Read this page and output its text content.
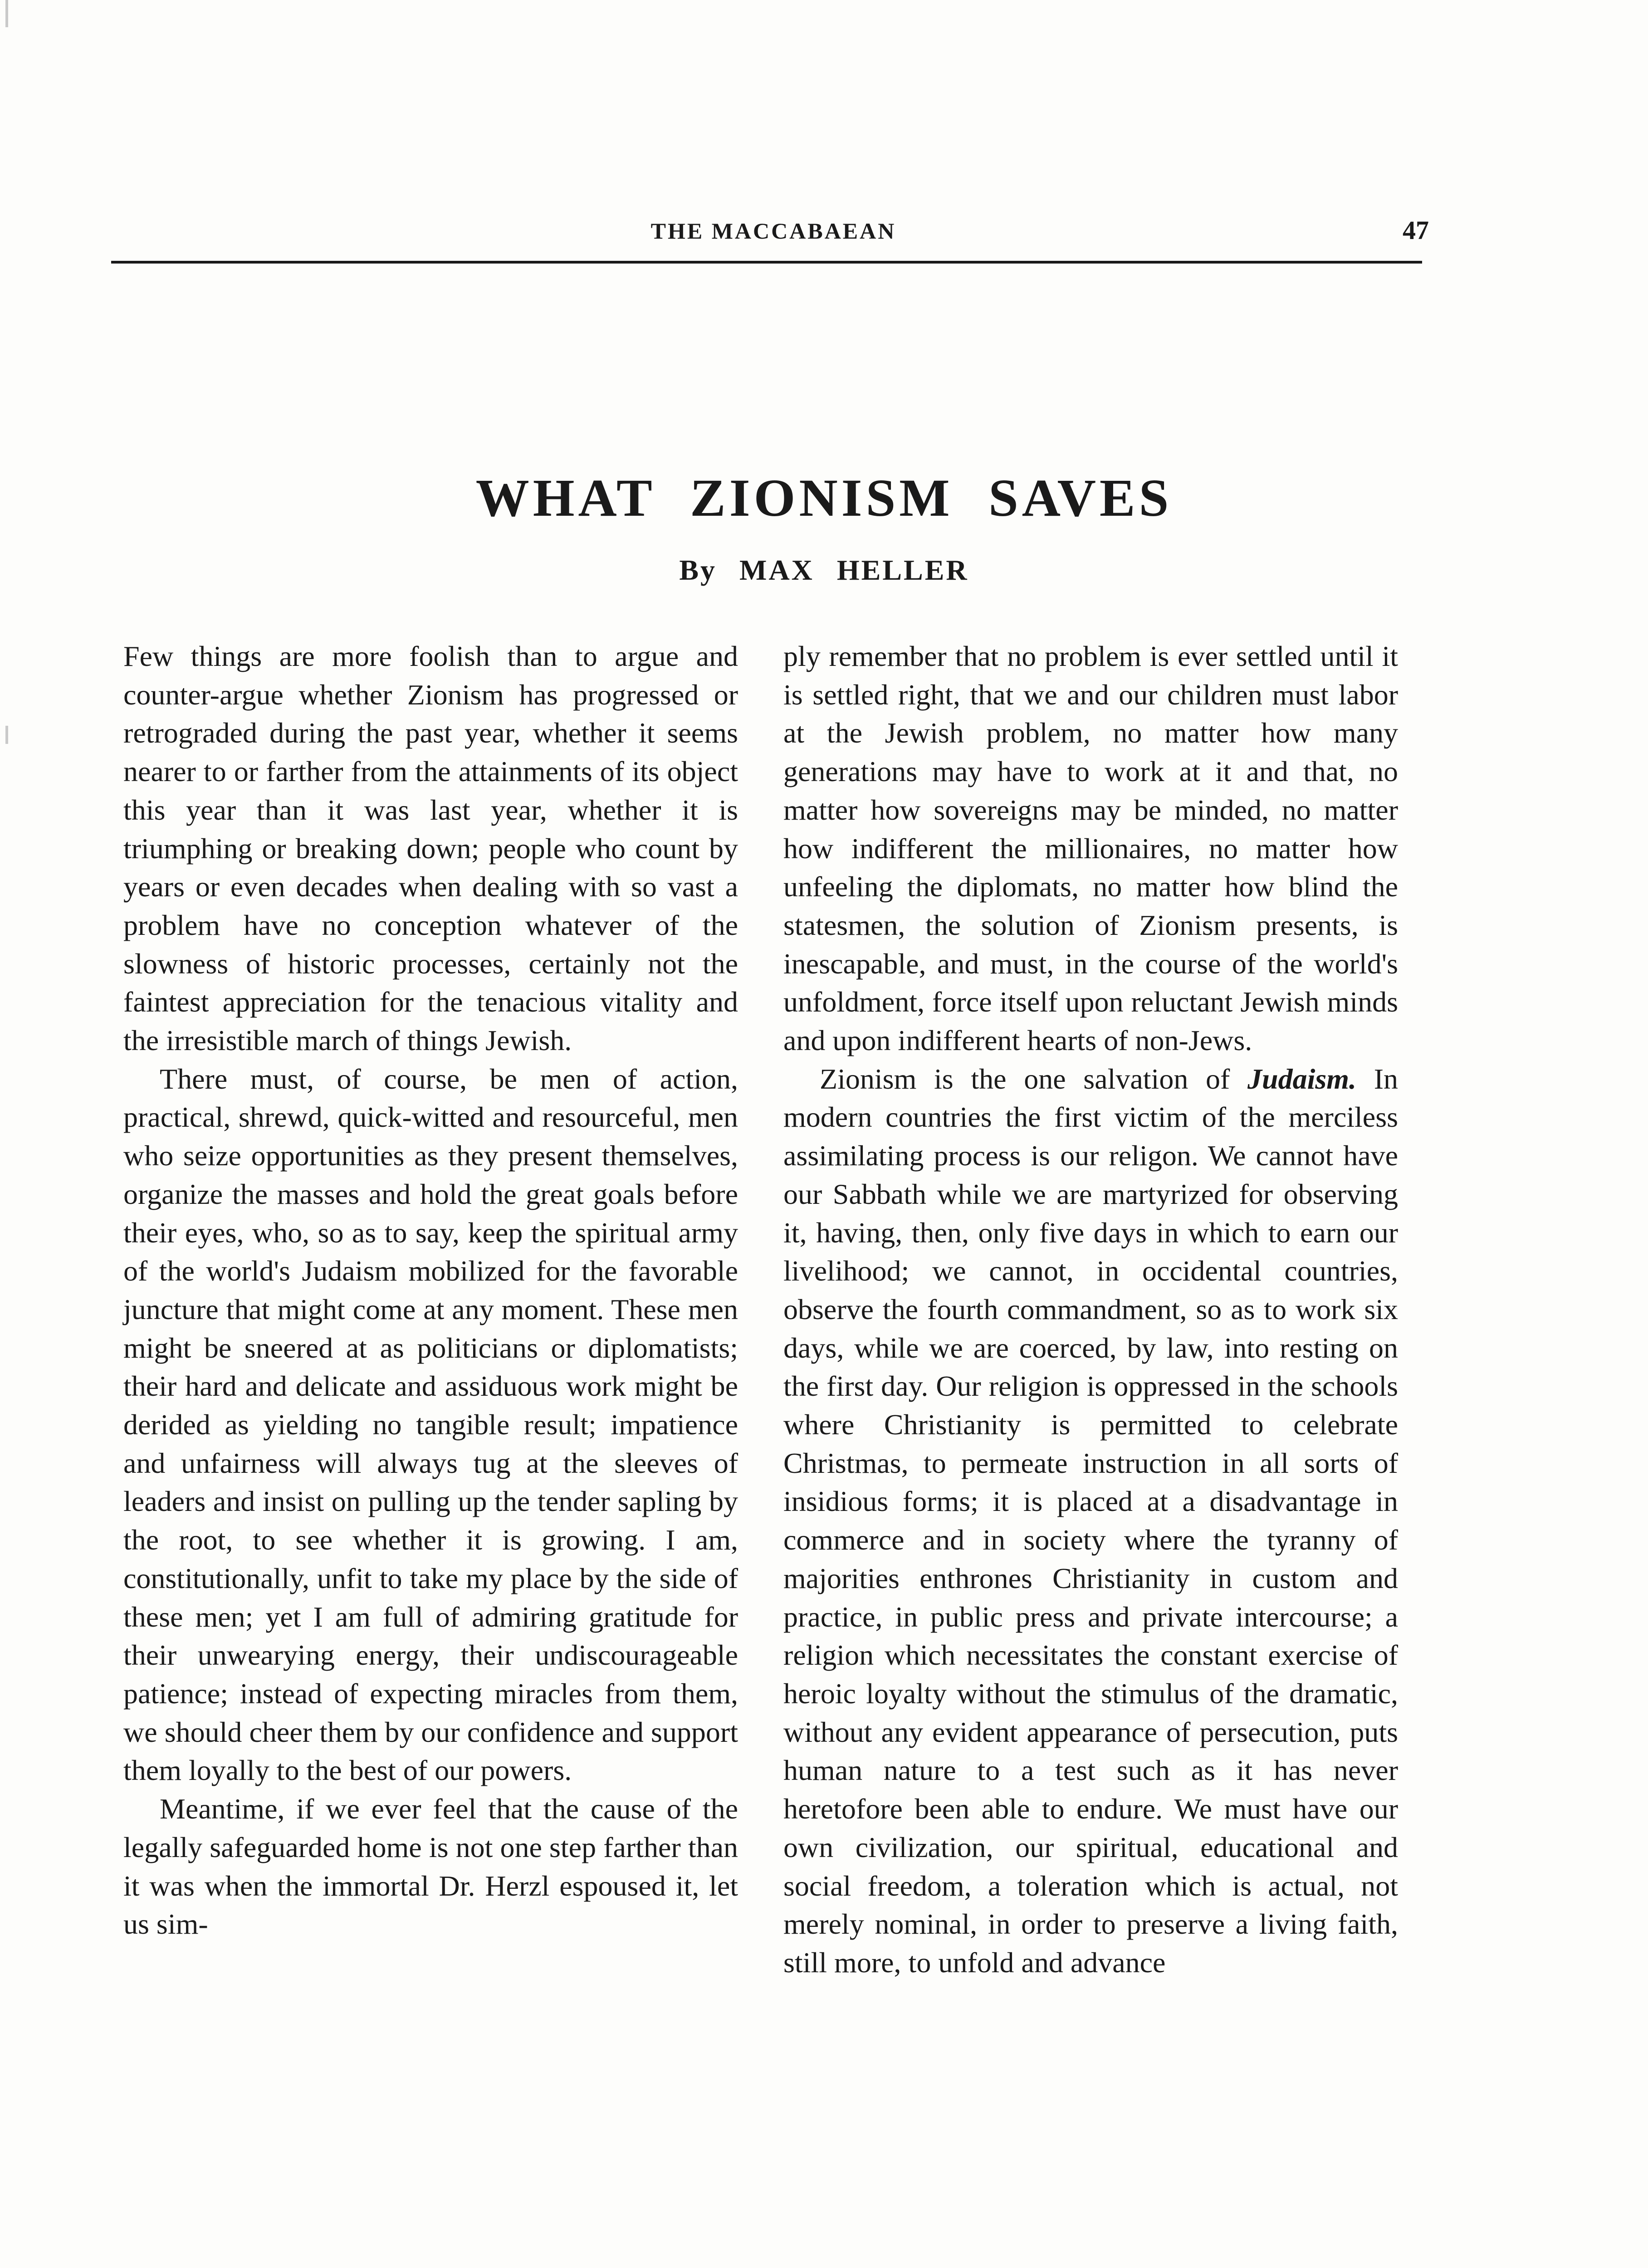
THE MACCABAEAN	47
WHAT ZIONISM SAVES
By MAX HELLER

Few things are more foolish than to argue and counter-argue whether Zionism has progressed or retrograded during the past year, whether it seems nearer to or farther from the attainments of its object this year than it was last year, whether it is triumphing or breaking down; people who count by years or even decades when dealing with so vast a problem have no conception whatever of the slowness of historic processes, certainly not the faintest appreciation for the tenacious vitality and the irresistible march of things Jewish.

There must, of course, be men of action, practical, shrewd, quick-witted and resourceful, men who seize opportunities as they present themselves, organize the masses and hold the great goals before their eyes, who, so as to say, keep the spiritual army of the world's Judaism mobilized for the favorable juncture that might come at any moment. These men might be sneered at as politicians or diplomatists; their hard and delicate and assiduous work might be derided as yielding no tangible result; impatience and unfairness will always tug at the sleeves of leaders and insist on pulling up the tender sapling by the root, to see whether it is growing. I am, constitutionally, unfit to take my place by the side of these men; yet I am full of admiring gratitude for their unwearying energy, their undiscourageable patience; instead of expecting miracles from them, we should cheer them by our confidence and support them loyally to the best of our powers.

Meantime, if we ever feel that the cause of the legally safeguarded home is not one step farther than it was when the immortal Dr. Herzl espoused it, let us sim-

ply remember that no problem is ever settled until it is settled right, that we and our children must labor at the Jewish problem, no matter how many generations may have to work at it and that, no matter how sovereigns may be minded, no matter how indifferent the millionaires, no matter how unfeeling the diplomats, no matter how blind the statesmen, the solution of Zionism presents, is inescapable, and must, in the course of the world's unfoldment, force itself upon reluctant Jewish minds and upon indifferent hearts of non-Jews.

Zionism is the one salvation of Judaism. In modern countries the first victim of the merciless assimilating process is our religon. We cannot have our Sabbath while we are martyrized for observing it, having, then, only five days in which to earn our livelihood; we cannot, in occidental countries, observe the fourth commandment, so as to work six days, while we are coerced, by law, into resting on the first day. Our religion is oppressed in the schools where Christianity is permitted to celebrate Christmas, to permeate instruction in all sorts of insidious forms; it is placed at a disadvantage in commerce and in society where the tyranny of majorities enthrones Christianity in custom and practice, in public press and private intercourse; a religion which necessitates the constant exercise of heroic loyalty without the stimulus of the dramatic, without any evident appearance of persecution, puts human nature to a test such as it has never heretofore been able to endure. We must have our own civilization, our spiritual, educational and social freedom, a toleration which is actual, not merely nominal, in order to preserve a living faith, still more, to unfold and advance
